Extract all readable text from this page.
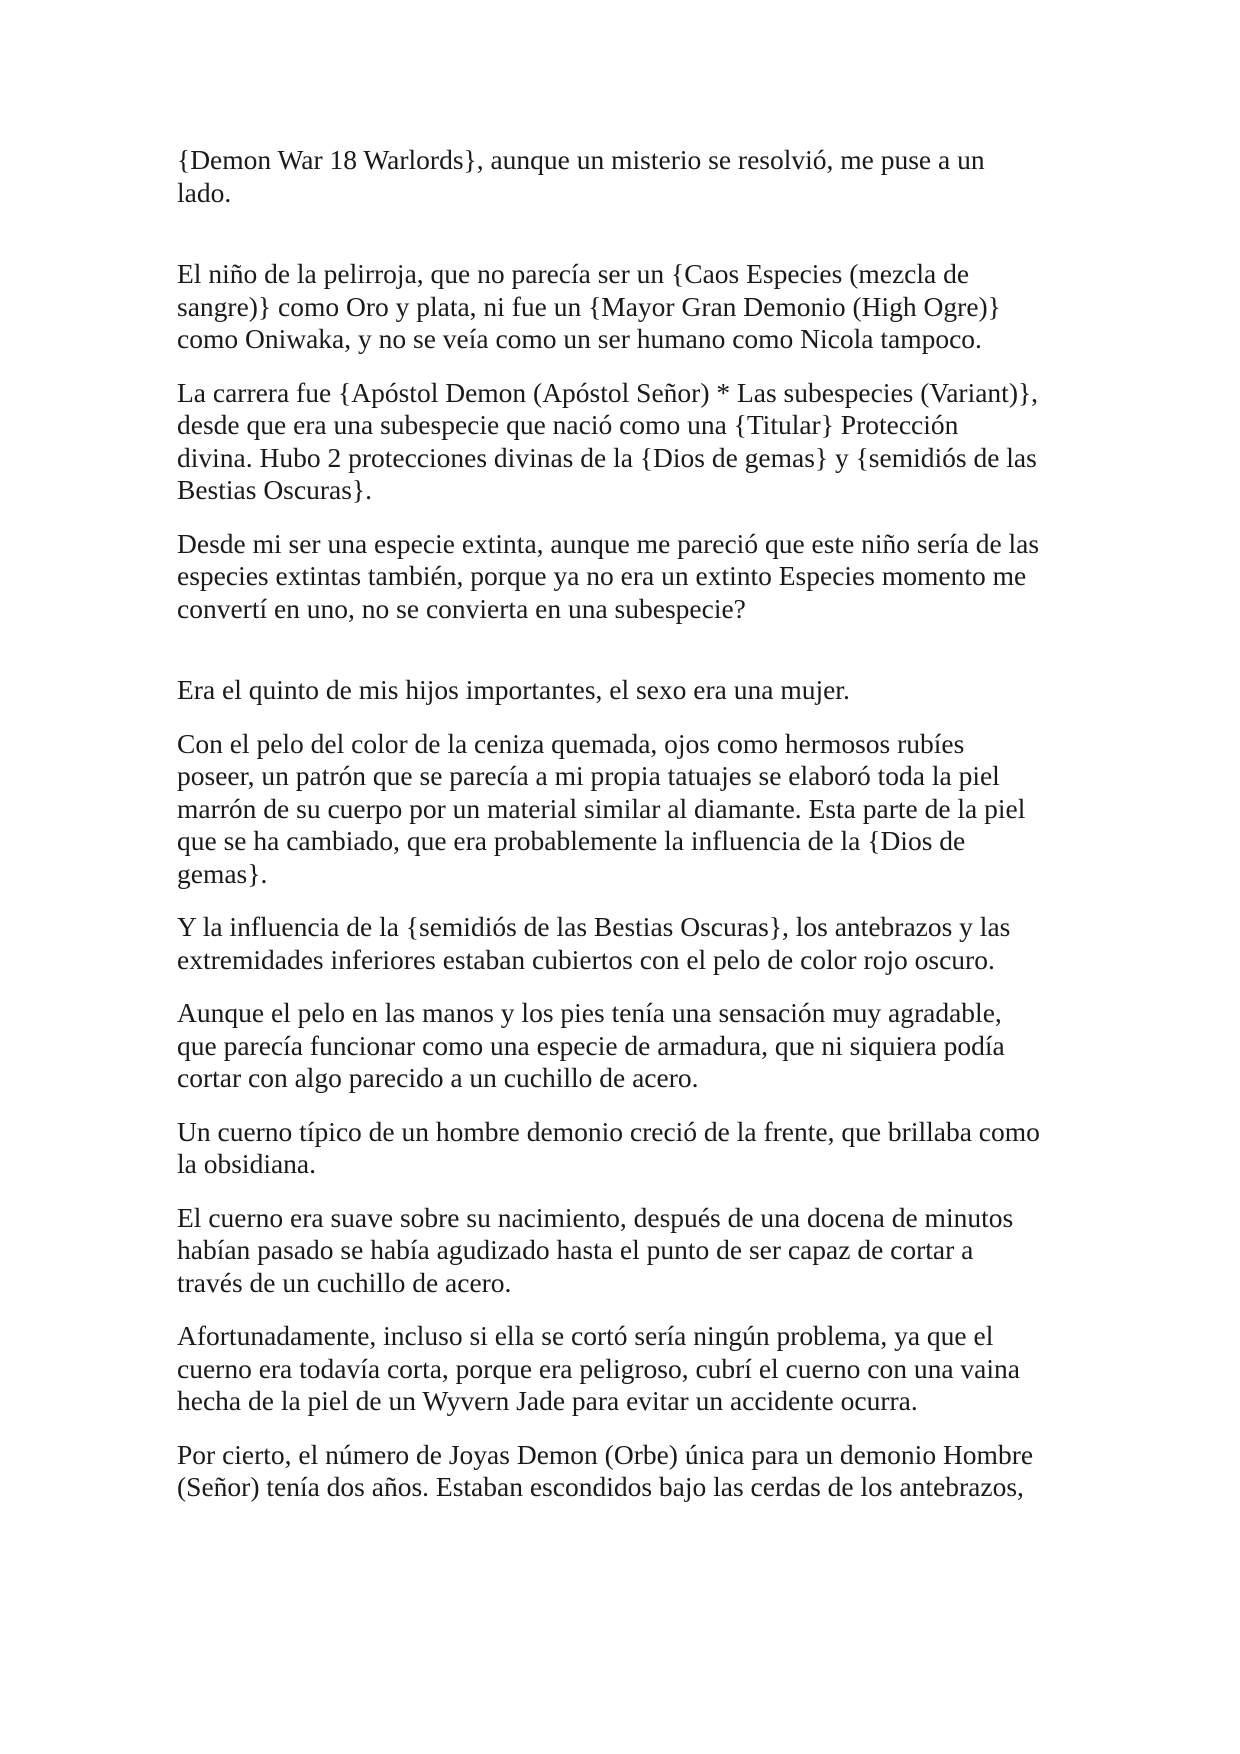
{Demon War 18 Warlords}, aunque un misterio se resolvió, me puse a un
lado.

El niño de la pelirroja, que no parecía ser un {Caos Especies (mezcla de
sangre)} como Oro y plata, ni fue un {Mayor Gran Demonio (High Ogre)}
como Oniwaka, y no se veía como un ser humano como Nicola tampoco.

La carrera fue {Apóstol Demon (Apóstol Señor) * Las subespecies (Variant)},
desde que era una subespecie que nació como una {Titular} Protección
divina. Hubo 2 protecciones divinas de la {Dios de gemas} y {semidiós de las
Bestias Oscuras}.

Desde mi ser una especie extinta, aunque me pareció que este niño sería de las
especies extintas también, porque ya no era un extinto Especies momento me
convertí en uno, no se convierta en una subespecie?

Era el quinto de mis hijos importantes, el sexo era una mujer.

Con el pelo del color de la ceniza quemada, ojos como hermosos rubíes
poseer, un patrón que se parecía a mi propia tatuajes se elaboró toda la piel
marrón de su cuerpo por un material similar al diamante. Esta parte de la piel
que se ha cambiado, que era probablemente la influencia de la {Dios de
gemas}.

Y la influencia de la {semidiós de las Bestias Oscuras}, los antebrazos y las
extremidades inferiores estaban cubiertos con el pelo de color rojo oscuro.

Aunque el pelo en las manos y los pies tenía una sensación muy agradable,
que parecía funcionar como una especie de armadura, que ni siquiera podía
cortar con algo parecido a un cuchillo de acero.

Un cuerno típico de un hombre demonio creció de la frente, que brillaba como
la obsidiana.

El cuerno era suave sobre su nacimiento, después de una docena de minutos
habían pasado se había agudizado hasta el punto de ser capaz de cortar a
través de un cuchillo de acero.

Afortunadamente, incluso si ella se cortó sería ningún problema, ya que el
cuerno era todavía corta, porque era peligroso, cubrí el cuerno con una vaina
hecha de la piel de un Wyvern Jade para evitar un accidente ocurra.

Por cierto, el número de Joyas Demon (Orbe) única para un demonio Hombre
(Señor) tenía dos años. Estaban escondidos bajo las cerdas de los antebrazos,
